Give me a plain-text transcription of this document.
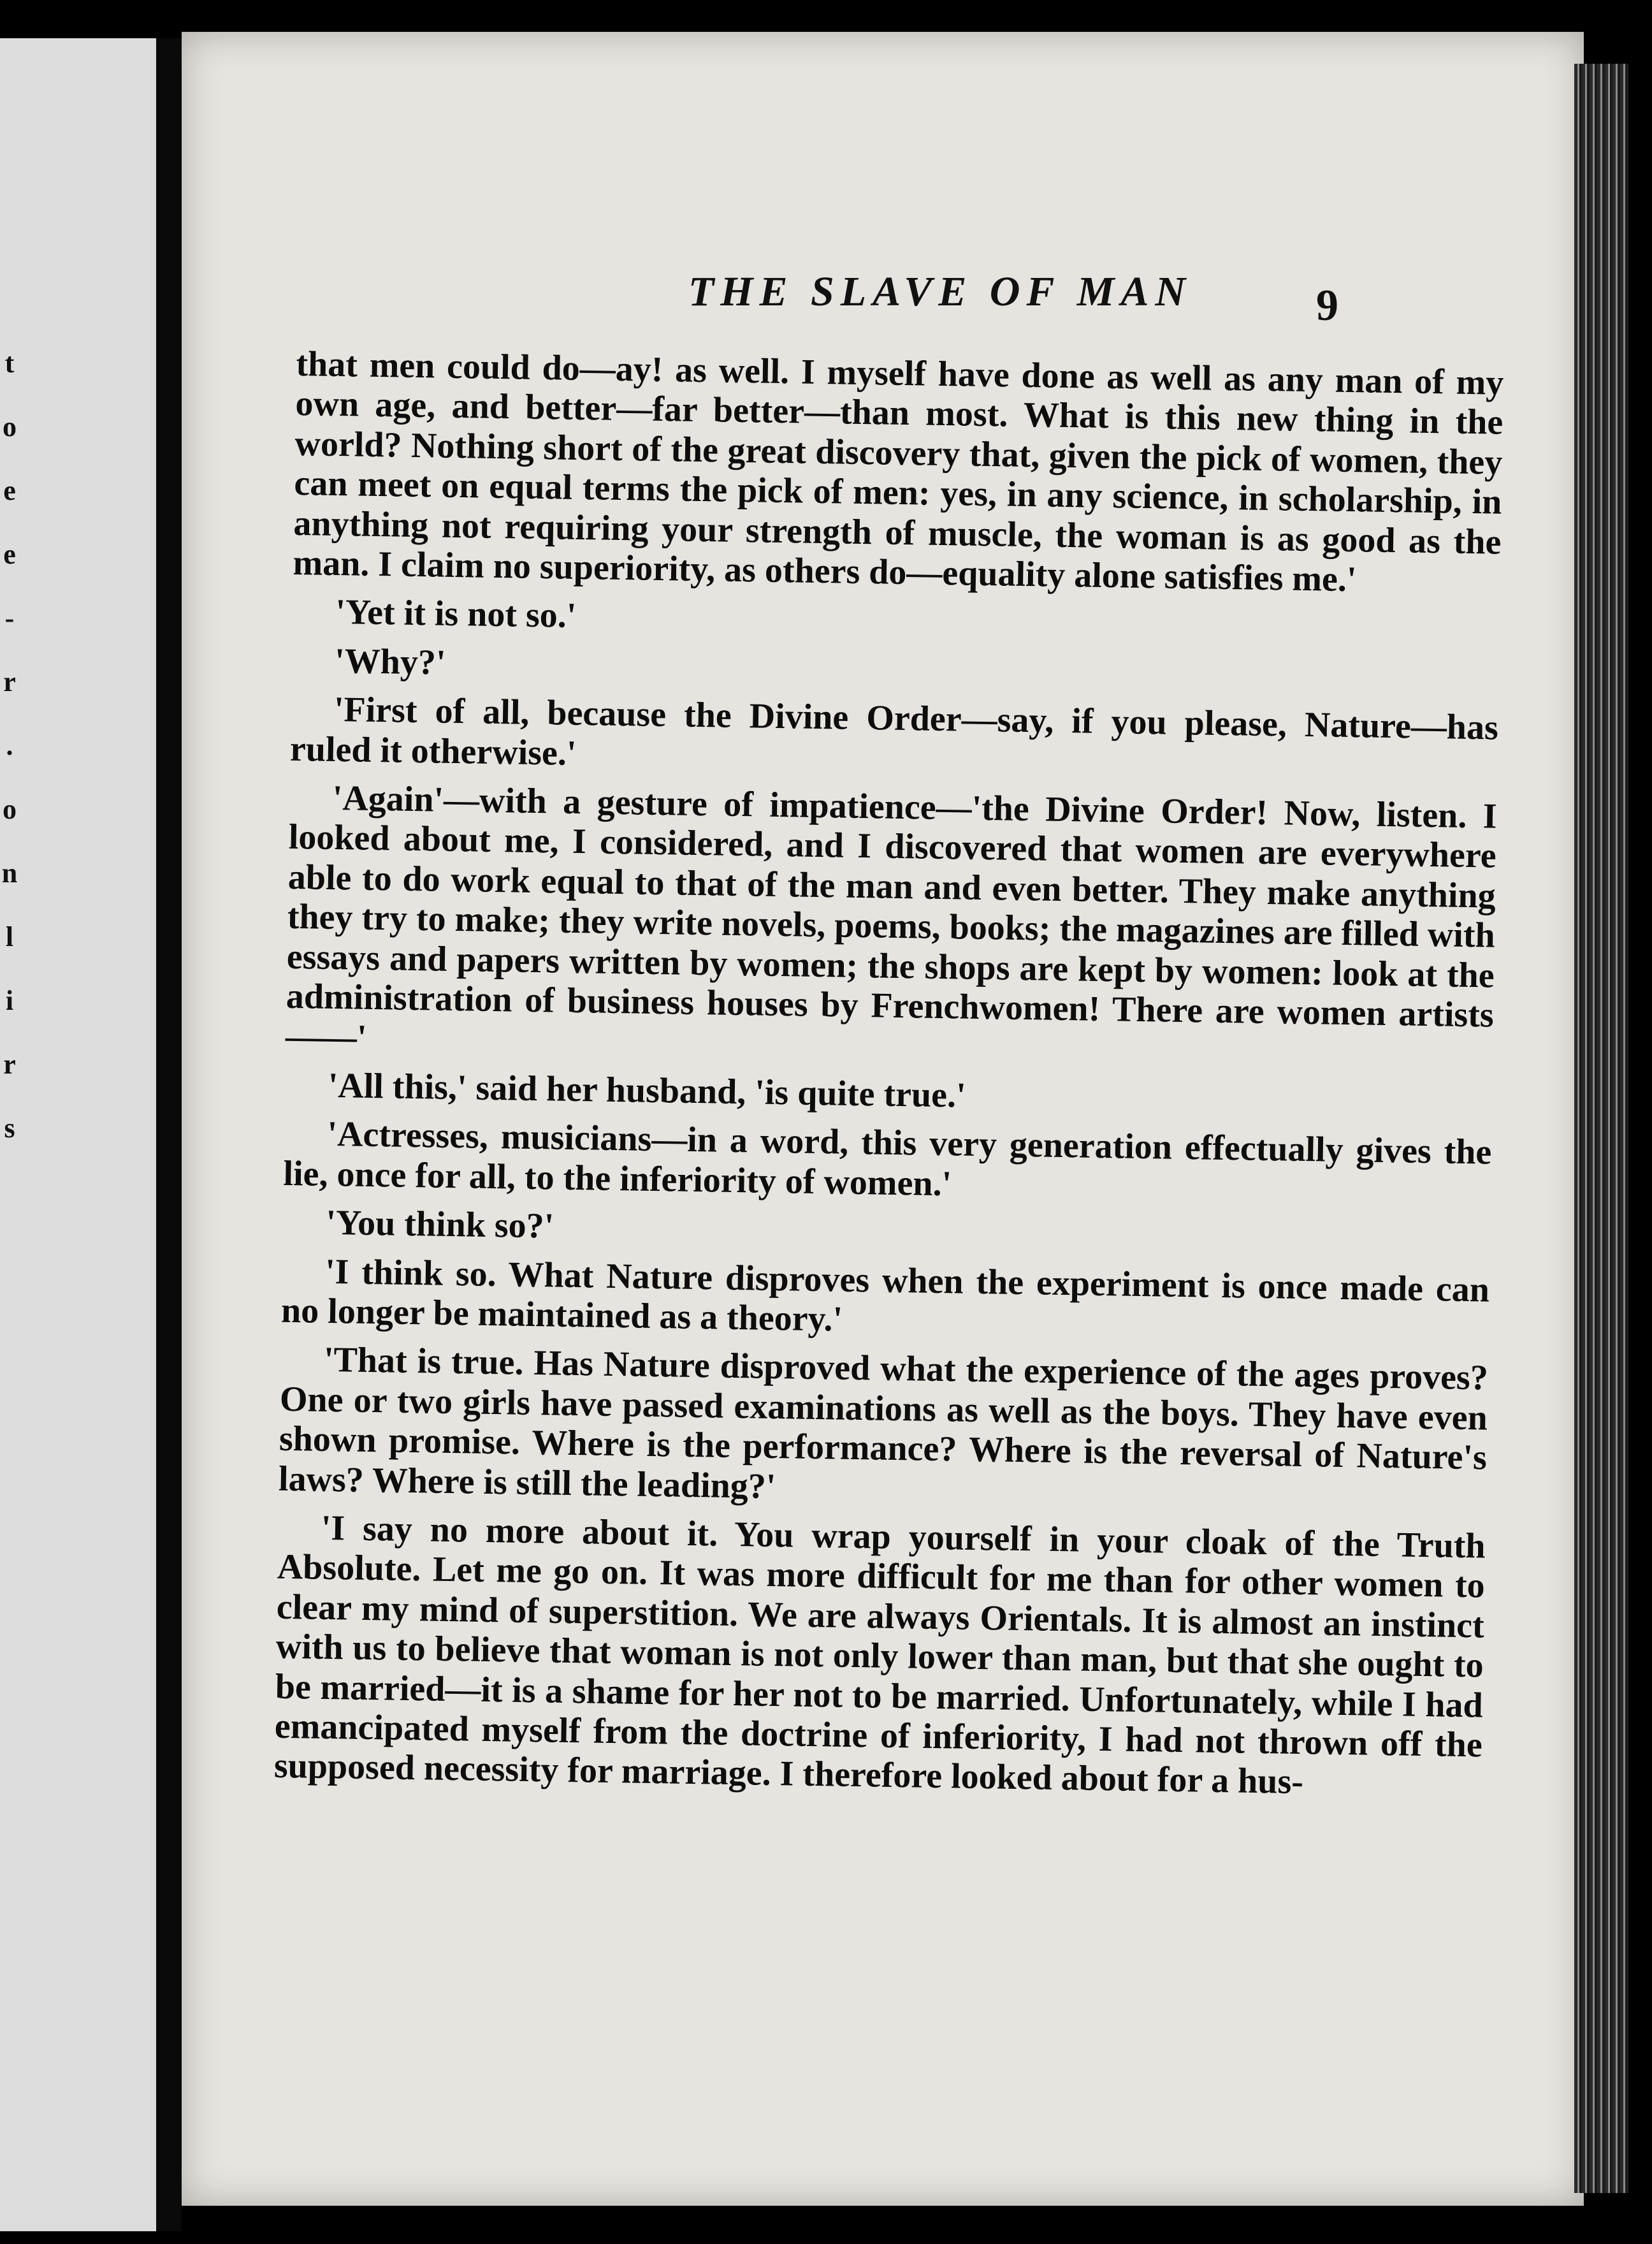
t
o
e
e
-
r
.
o
n
l
i
r
s
THE SLAVE OF MAN	9

that men could do—ay! as well. I myself have done as well as any man of my own age, and better—far better—than most. What is this new thing in the world? Nothing short of the great discovery that, given the pick of women, they can meet on equal terms the pick of men: yes, in any science, in scholarship, in anything not requiring your strength of muscle, the woman is as good as the man. I claim no superiority, as others do—equality alone satisfies me.'

'Yet it is not so.'

'Why?'

'First of all, because the Divine Order—say, if you please, Nature—has ruled it otherwise.'

'Again'—with a gesture of impatience—'the Divine Order! Now, listen. I looked about me, I considered, and I discovered that women are everywhere able to do work equal to that of the man and even better. They make anything they try to make; they write novels, poems, books; the magazines are filled with essays and papers written by women; the shops are kept by women: look at the administration of business houses by Frenchwomen! There are women artists——'

'All this,' said her husband, 'is quite true.'

'Actresses, musicians—in a word, this very generation effectually gives the lie, once for all, to the inferiority of women.'

'You think so?'

'I think so. What Nature disproves when the experiment is once made can no longer be maintained as a theory.'

'That is true. Has Nature disproved what the experience of the ages proves? One or two girls have passed examinations as well as the boys. They have even shown promise. Where is the performance? Where is the reversal of Nature's laws? Where is still the leading?'

'I say no more about it. You wrap yourself in your cloak of the Truth Absolute. Let me go on. It was more difficult for me than for other women to clear my mind of superstition. We are always Orientals. It is almost an instinct with us to believe that woman is not only lower than man, but that she ought to be married—it is a shame for her not to be married. Unfortunately, while I had emancipated myself from the doctrine of inferiority, I had not thrown off the supposed necessity for marriage. I therefore looked about for a hus-
